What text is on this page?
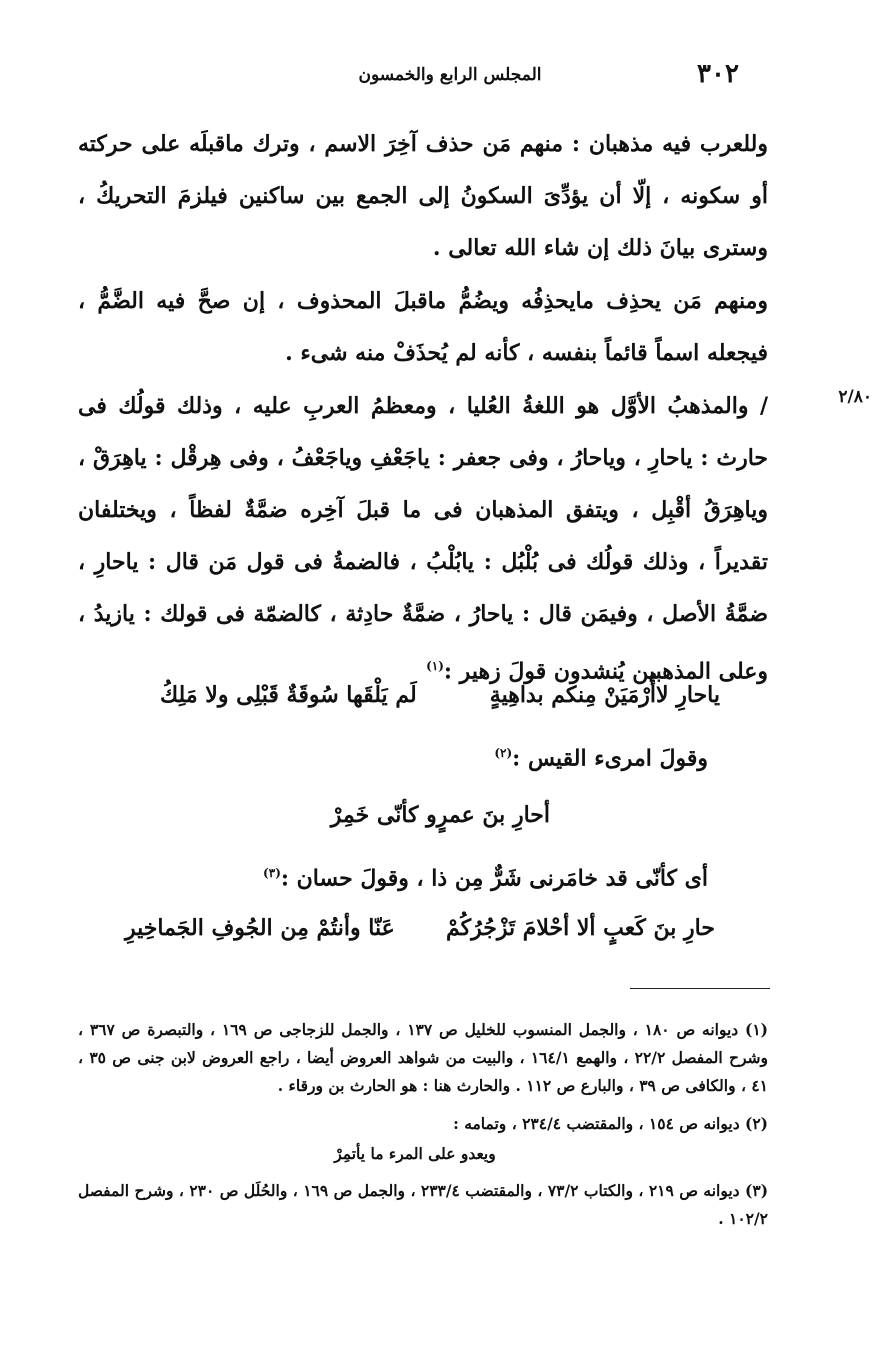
٣٠٢
المجلس الرابع والخمسون
وللعرب فيه مذهبان : منهم مَن حذف آخِرَ الاسم ، وترك ماقبلَه على حركته أو سكونه ، إلّا أن يؤدِّىَ السكونُ إلى الجمع بين ساكنين فيلزمَ التحريكُ ، وسترى بيانَ ذلك إن شاء الله تعالى .
ومنهم مَن يحذِف مايحذِفُه ويضُمُّ ماقبلَ المحذوف ، إن صحَّ فيه الضَّمُّ ، فيجعله اسماً قائماً بنفسه ، كأنه لم يُحذَفْ منه شىء .
٢/٨٠
/ والمذهبُ الأوَّل هو اللغةُ العُليا ، ومعظمُ العربِ عليه ، وذلك قولُك فى حارث : ياحارِ ، وياحارُ ، وفى جعفر : ياجَعْفِ وياجَعْفُ ، وفى هِرقْل : ياهِرَقْ ، وياهِرَقُ أقْبِل ، ويتفق المذهبان فى ما قبلَ آخِره ضمَّةٌ لفظاً ، ويختلفان تقديراً ، وذلك قولُك فى بُلْبُل : يابُلْبُ ، فالضمةُ فى قول مَن قال : ياحارِ ، ضمَّةُ الأصل ، وفيمَن قال : ياحارُ ، ضمَّةٌ حادِثة ، كالضمّة فى قولك : يازيدُ ، وعلى المذهبين يُنشدون قولَ زهير :$^{(١)}$
ياحارِ لاأُرْمَيَنْ مِنكم بداهِيةٍ
لَم يَلْقَها سُوقَةٌ قَبْلِى ولا مَلِكُ
وقولَ امرىء القيس :$^{(٢)}$
أحارِ بنَ عمرٍو كأنّى خَمِرْ
أى كأنّى قد خامَرنى شَرٌّ مِن ذا ، وقولَ حسان :$^{(٣)}$
حارِ بنَ كَعبٍ ألا أحْلامَ تَزْجُرُكُمْ
عَنّا وأنتُمْ مِن الجُوفِ الجَماخِيرِ
(١) ديوانه ص ١٨٠ ، والجمل المنسوب للخليل ص ١٣٧ ، والجمل للزجاجى ص ١٦٩ ، والتبصرة ص ٣٦٧ ، وشرح المفصل ٢٢/٢ ، والهمع ١٦٤/١ ، والبيت من شواهد العروض أيضا ، راجع العروض لابن جنى ص ٣٥ ، ٤١ ، والكافى ص ٣٩ ، والبارع ص ١١٢ . والحارث هنا : هو الحارث بن ورقاء .
(٢) ديوانه ص ١٥٤ ، والمقتضب ٢٣٤/٤ ، وتمامه :
ويعدو على المرء ما يأتمِرْ
(٣) ديوانه ص ٢١٩ ، والكتاب ٧٣/٢ ، والمقتضب ٢٣٣/٤ ، والجمل ص ١٦٩ ، والحُلَل ص ٢٣٠ ، وشرح المفصل ١٠٢/٢ .
